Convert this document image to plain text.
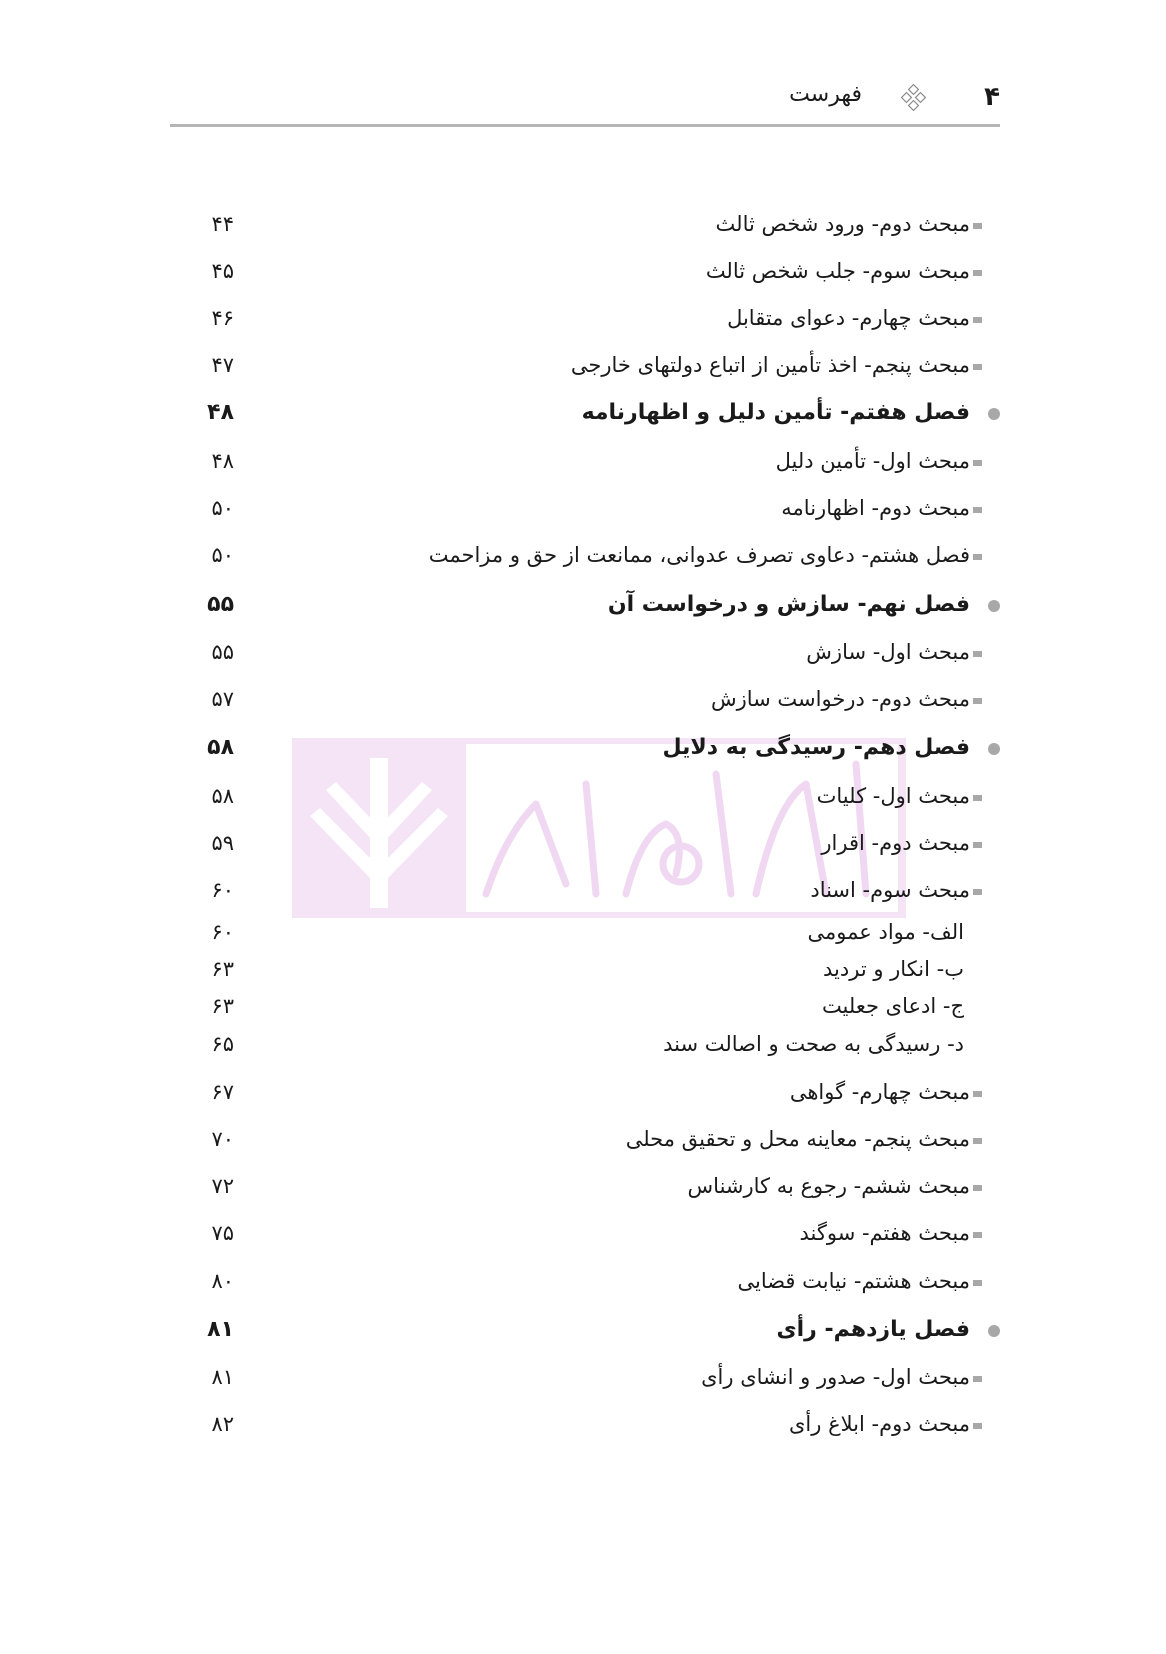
۴
فهرست
مبحث دوم- ورود شخص ثالث
۴۴
مبحث سوم- جلب شخص ثالث
۴۵
مبحث چهارم- دعوای متقابل
۴۶
مبحث پنجم- اخذ تأمین از اتباع دولتهای خارجی
۴۷
فصل هفتم- تأمین دلیل و اظهارنامه
۴۸
مبحث اول- تأمین دلیل
۴۸
مبحث دوم- اظهارنامه
۵۰
فصل هشتم- دعاوی تصرف عدوانی، ممانعت از حق و مزاحمت
۵۰
فصل نهم- سازش و درخواست آن
۵۵
مبحث اول- سازش
۵۵
مبحث دوم- درخواست سازش
۵۷
فصل دهم- رسیدگی به دلایل
۵۸
مبحث اول- کلیات
۵۸
مبحث دوم- اقرار
۵۹
مبحث سوم- اسناد
۶۰
الف- مواد عمومی
۶۰
ب- انکار و تردید
۶۳
ج- ادعای جعلیت
۶۳
د- رسیدگی به صحت و اصالت سند
۶۵
مبحث چهارم- گواهی
۶۷
مبحث پنجم- معاینه محل و تحقیق محلی
۷۰
مبحث ششم- رجوع به کارشناس
۷۲
مبحث هفتم- سوگند
۷۵
مبحث هشتم- نیابت قضایی
۸۰
فصل یازدهم- رأی
۸۱
مبحث اول- صدور و انشای رأی
۸۱
مبحث دوم- ابلاغ رأی
۸۲
